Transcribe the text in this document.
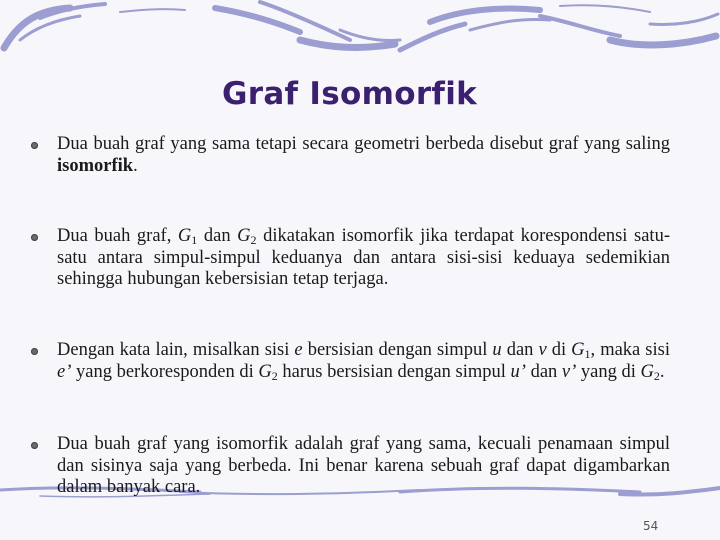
Graf Isomorfik
Dua buah graf yang sama tetapi secara geometri berbeda disebut graf yang saling isomorfik.
Dua buah graf, $G_1$ dan $G_2$ dikatakan isomorfik jika terdapat korespondensi satu-satu antara simpul-simpul keduanya dan antara sisi-sisi keduaya sedemikian sehingga hubungan kebersisian tetap terjaga.
Dengan kata lain, misalkan sisi e bersisian dengan simpul u dan v di $G_1$, maka sisi e’ yang berkoresponden di $G_2$ harus bersisian dengan simpul u’ dan v’ yang di $G_2$.
Dua buah graf yang isomorfik adalah graf yang sama, kecuali penamaan simpul dan sisinya saja yang berbeda. Ini benar karena sebuah graf dapat digambarkan dalam banyak cara.
54
